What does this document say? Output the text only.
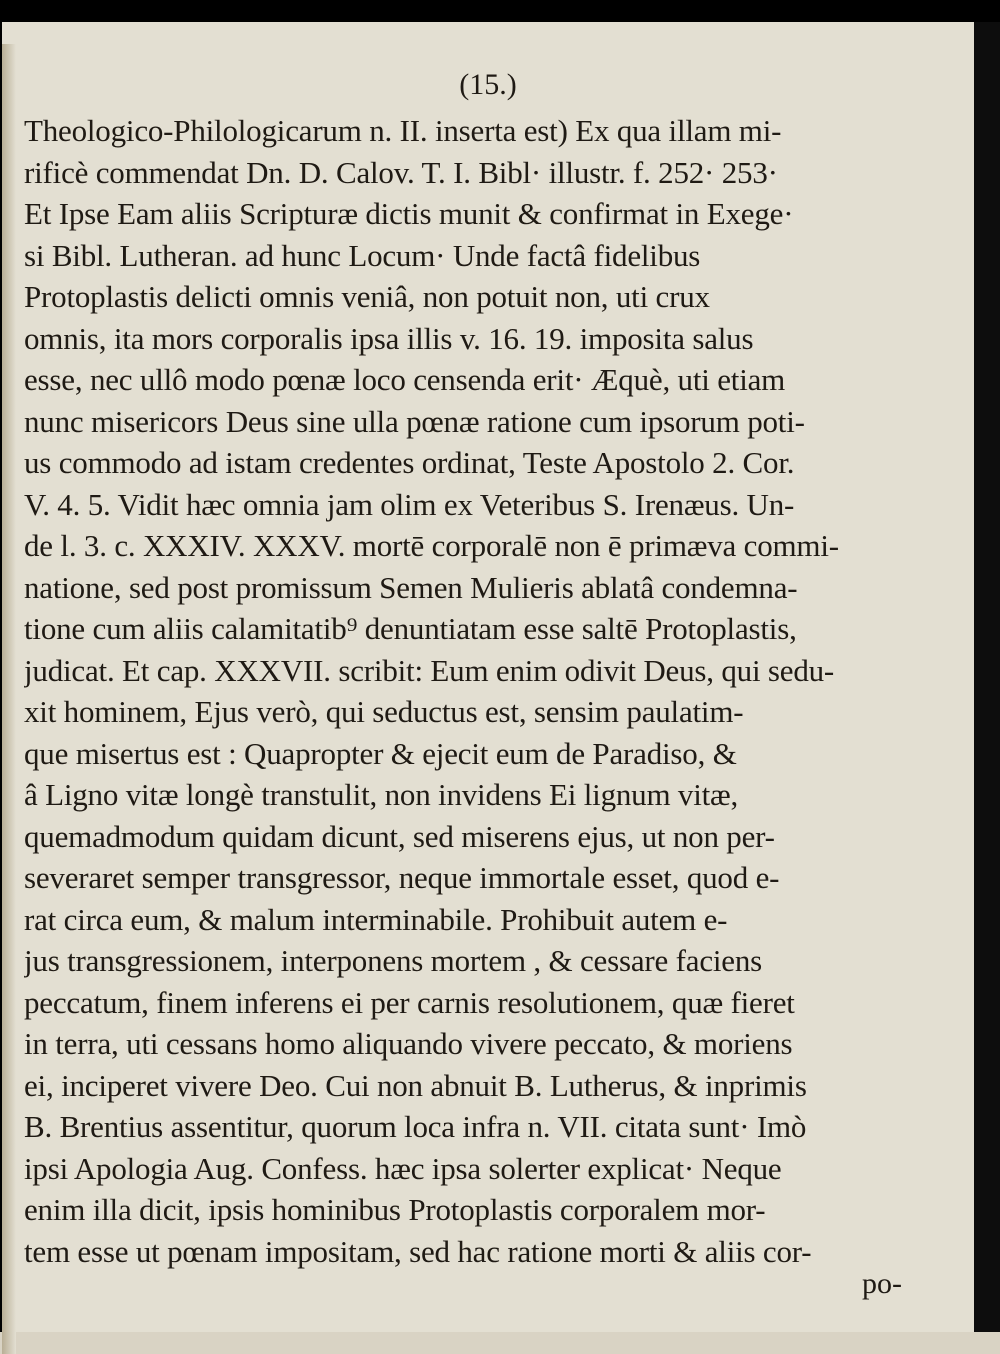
(15.)
Theologico-Philologicarum n. II. inserta est) Ex qua illam mi-
rificè commendat Dn. D. Calov. T. I. Bibl· illustr. f. 252· 253·
Et Ipse Eam aliis Scripturæ dictis munit & confirmat in Exege·
si Bibl. Lutheran. ad hunc Locum· Unde factâ fidelibus
Protoplastis delicti omnis veniâ, non potuit non, uti crux
omnis, ita mors corporalis ipsa illis v. 16. 19. imposita salus
esse, nec ullô modo pœnæ loco censenda erit· Æquè, uti etiam
nunc misericors Deus sine ulla pœnæ ratione cum ipsorum poti-
us commodo ad istam credentes ordinat, Teste Apostolo 2. Cor.
V. 4. 5. Vidit hæc omnia jam olim ex Veteribus S. Irenæus. Un-
de l. 3. c. XXXIV. XXXV. mortē corporalē non ē primæva commi-
natione, sed post promissum Semen Mulieris ablatâ condemna-
tione cum aliis calamitatib⁹ denuntiatam esse saltē Protoplastis,
judicat. Et cap. XXXVII. scribit: Eum enim odivit Deus, qui sedu-
xit hominem, Ejus verò, qui seductus est, sensim paulatim-
que misertus est : Quapropter & ejecit eum de Paradiso, &
â Ligno vitæ longè transtulit, non invidens Ei lignum vitæ,
quemadmodum quidam dicunt, sed miserens ejus, ut non per-
severaret semper transgressor, neque immortale esset, quod e-
rat circa eum, & malum interminabile. Prohibuit autem e-
jus transgressionem, interponens mortem , & cessare faciens
peccatum, finem inferens ei per carnis resolutionem, quæ fieret
in terra, uti cessans homo aliquando vivere peccato, & moriens
ei, inciperet vivere Deo. Cui non abnuit B. Lutherus, & inprimis
B. Brentius assentitur, quorum loca infra n. VII. citata sunt· Imò
ipsi Apologia Aug. Confess. hæc ipsa solerter explicat· Neque
enim illa dicit, ipsis hominibus Protoplastis corporalem mor-
tem esse ut pœnam impositam, sed hac ratione morti & aliis cor-
po-
